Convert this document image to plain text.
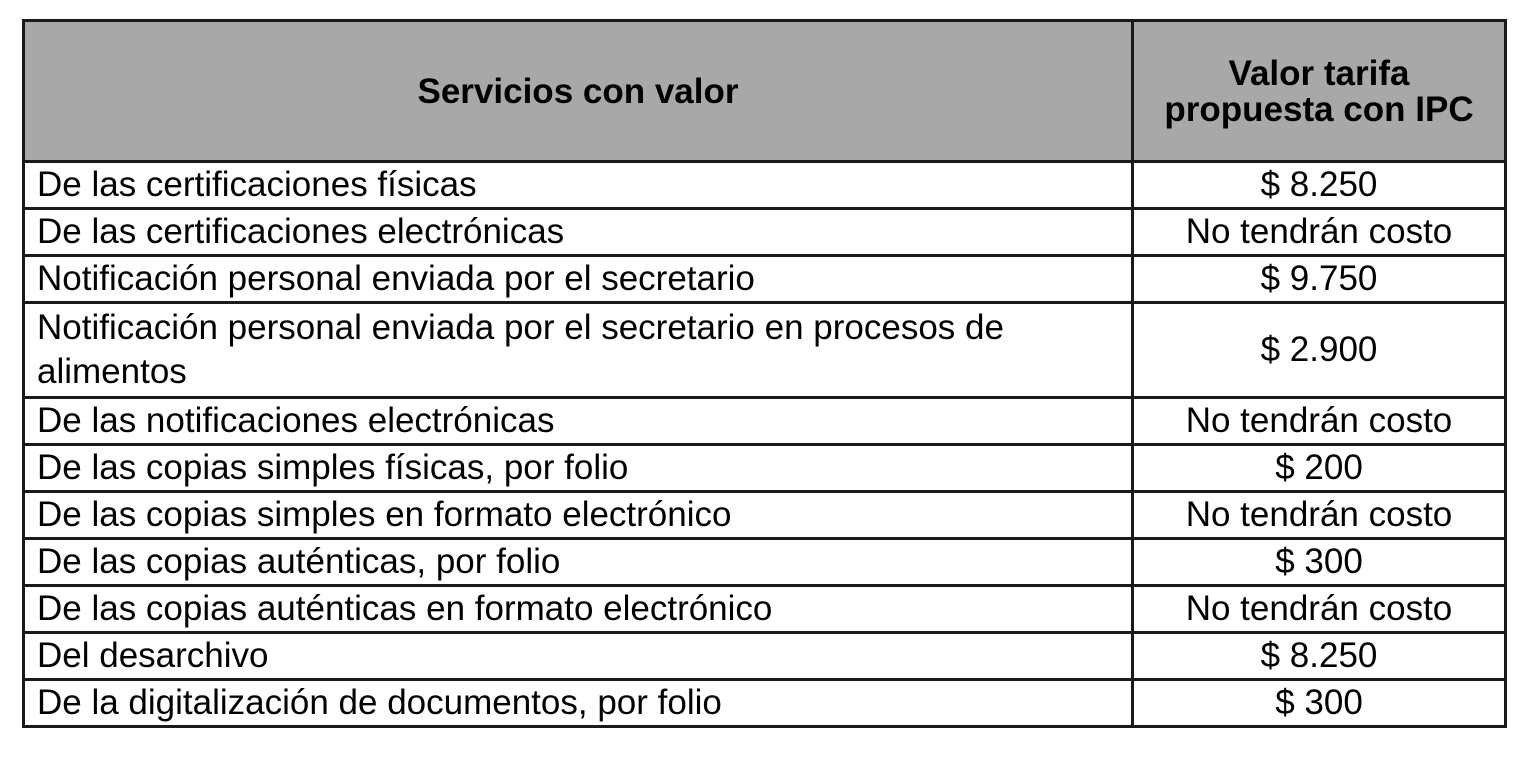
Servicios con valor	Valor tarifa propuesta con IPC
De las certificaciones físicas	$ 8.250
De las certificaciones electrónicas	No tendrán costo
Notificación personal enviada por el secretario	$ 9.750
Notificación personal enviada por el secretario en procesos de alimentos	$ 2.900
De las notificaciones electrónicas	No tendrán costo
De las copias simples físicas, por folio	$ 200
De las copias simples en formato electrónico	No tendrán costo
De las copias auténticas, por folio	$ 300
De las copias auténticas en formato electrónico	No tendrán costo
Del desarchivo	$ 8.250
De la digitalización de documentos, por folio	$ 300
